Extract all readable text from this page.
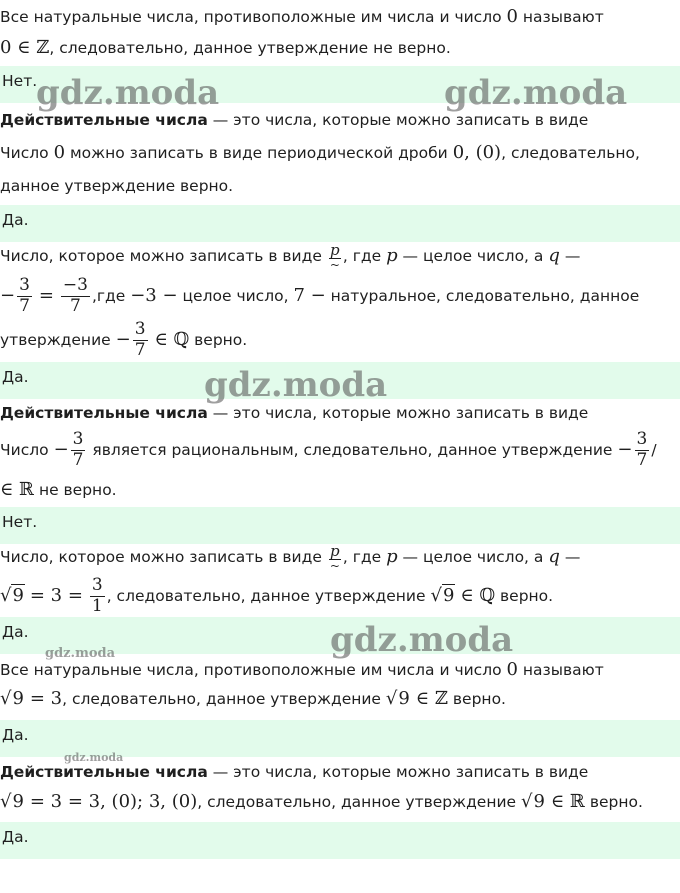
Все натуральные числа, противоположные им числа и число 0 называют
0 ∈ ℤ, следовательно, данное утверждение не верно.
Нет.
Действительные числа — это числа, которые можно записать в виде
Число 0 можно записать в виде периодической дроби 0, (0), следовательно,
данное утверждение верно.
Да.
Число, которое можно записать в виде $\frac{p}{\sim}$ , где p — целое число, а q —
− $\frac{3}{7} = \frac{-3}{7} ,где -3$ − целое число, 7 − натуральное, следовательно, данное
утверждение − $\frac{3}{7}$ ∈ ℚ верно.
Да.
Действительные числа — это числа, которые можно записать в виде
Число − $\frac{3}{7}$ является рациональным, следовательно, данное утверждение − $\frac{3}{7}$ /
∈ ℝ не верно.
Нет.
Число, которое можно записать в виде $\frac{p}{\sim}$ , где p — целое число, а q —
$√9 = 3 = \frac{3}{1}$ , следовательно, данное утверждение √9 ∈ ℚ верно.
Да.
Все натуральные числа, противоположные им числа и число 0 называют
√9 = 3, следовательно, данное утверждение √9 ∈ ℤ верно.
Да.
Действительные числа — это числа, которые можно записать в виде
√9 = 3 = 3, (0); 3, (0), следовательно, данное утверждение √9 ∈ ℝ верно.
Да.
gdz.moda	gdz.moda
gdz.moda
gdz.moda
gdz.moda
gdz.moda
